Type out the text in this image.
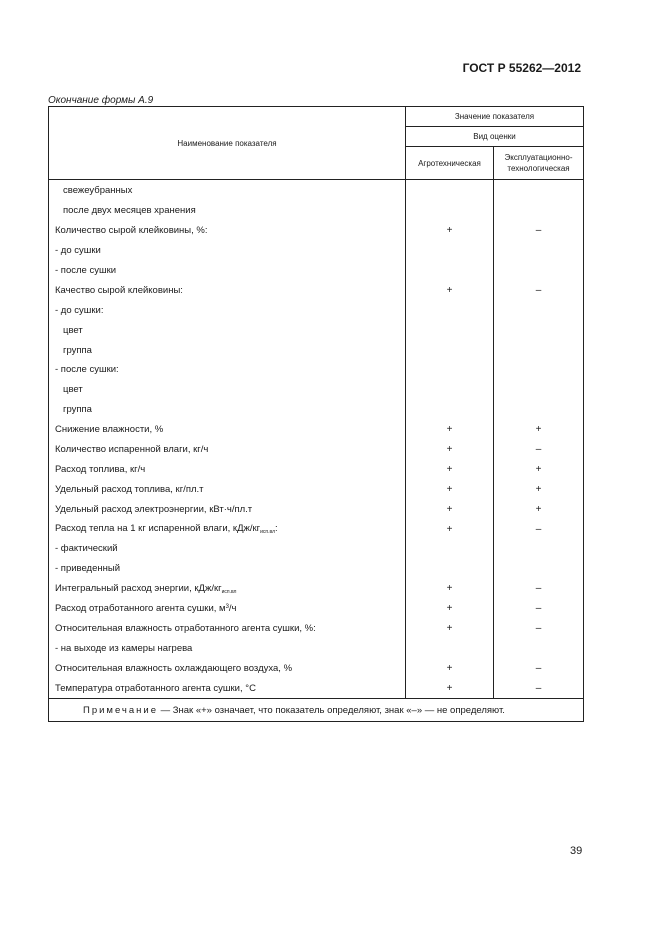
ГОСТ Р 55262—2012
Окончание формы А.9
Наименование показателя	Значение показателя	
	Вид оценки	
	Агротехническая	Эксплуатационно-
технологическая
свежеубранных		
после двух месяцев хранения		
Количество сырой клейковины, %:	+	–
- до сушки		
- после сушки		
Качество сырой клейковины:	+	–
- до сушки:		
цвет		
группа		
- после сушки:		
цвет		
группа		
Снижение влажности, %	+	+
Количество испаренной влаги, кг/ч	+	–
Расход топлива, кг/ч	+	+
Удельный расход топлива, кг/пл.т	+	+
Удельный расход электроэнергии, кВт·ч/пл.т	+	+
Расход тепла на 1 кг испаренной влаги, кДж/$кг_{исп.вл}$:	+	–
- фактический		
- приведенный		
Интегральный расход энергии, кДж/$кг_{исп.вл}$	+	–
Расход отработанного агента сушки, $м^3/ч$	+	–
Относительная влажность отработанного агента сушки, %:	+	–
- на выходе из камеры нагрева		
Относительная влажность охлаждающего воздуха, %	+	–
Температура отработанного агента сушки, °С	+	–
Примечание — Знак «+» означает, что показатель определяют, знак «–» — не определяют.		
39
